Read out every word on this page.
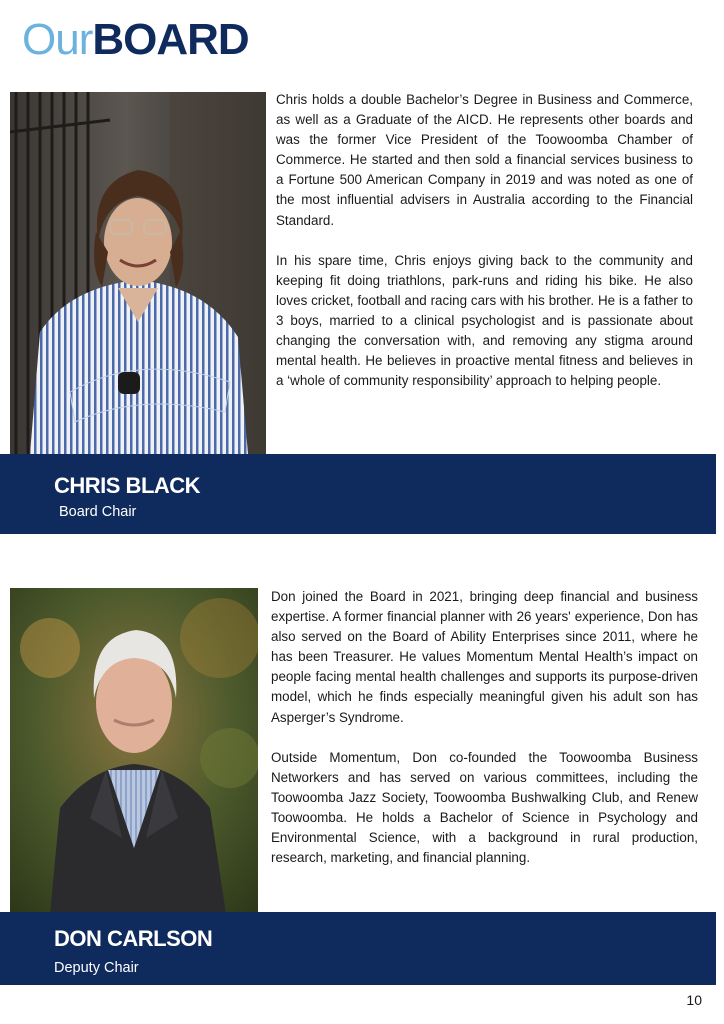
OurBOARD

Chris holds a double Bachelor’s Degree in Business and Commerce, as well as a Graduate of the AICD. He represents other boards and was the former Vice President of the Toowoomba Chamber of Commerce. He started and then sold a financial services business to a Fortune 500 American Company in 2019 and was noted as one of the most influential advisers in Australia according to the Financial Standard.

In his spare time, Chris enjoys giving back to the community and keeping fit doing triathlons, park-runs and riding his bike. He also loves cricket, football and racing cars with his brother. He is a father to 3 boys, married to a clinical psychologist and is passionate about changing the conversation with, and removing any stigma around mental health. He believes in proactive mental fitness and believes in a ‘whole of community responsibility’ approach to helping people.

CHRIS BLACK

Board Chair

Don joined the Board in 2021, bringing deep financial and business expertise. A former financial planner with 26 years' experience, Don has also served on the Board of Ability Enterprises since 2011, where he has been Treasurer. He values Momentum Mental Health’s impact on people facing mental health challenges and supports its purpose-driven model, which he finds especially meaningful given his adult son has Asperger’s Syndrome.

Outside Momentum, Don co-founded the Toowoomba Business Networkers and has served on various committees, including the Toowoomba Jazz Society, Toowoomba Bushwalking Club, and Renew Toowoomba. He holds a Bachelor of Science in Psychology and Environmental Science, with a background in rural production, research, marketing, and financial planning.

DON CARLSON

Deputy Chair
10
